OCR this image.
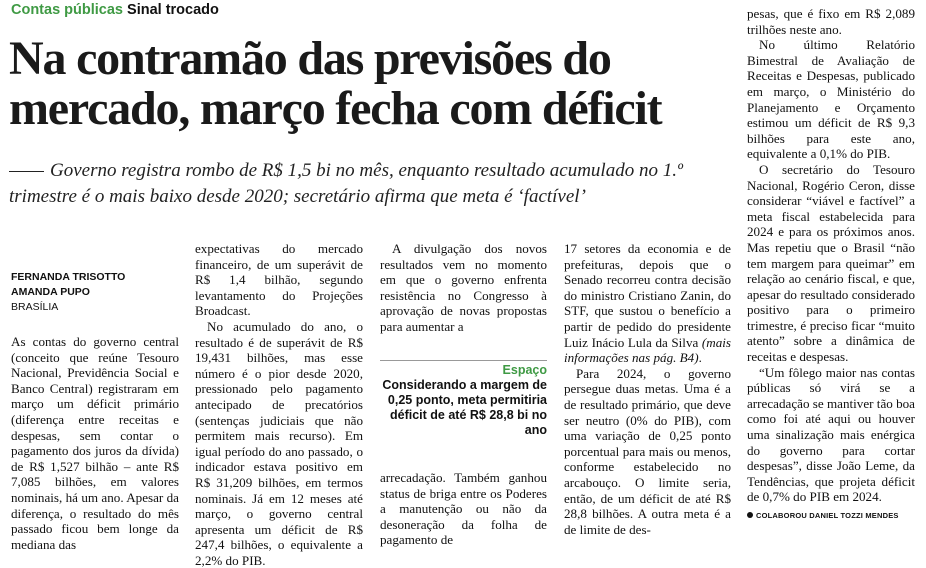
Contas públicas Sinal trocado
Na contramão das previsões do mercado, março fecha com déficit
Governo registra rombo de R$ 1,5 bi no mês, enquanto resultado acumulado no 1.º trimestre é o mais baixo desde 2020; secretário afirma que meta é ‘factível’
FERNANDA TRISOTTO
AMANDA PUPO
BRASÍLIA

As contas do governo central (conceito que reúne Tesouro Nacional, Previdência Social e Banco Central) registraram em março um déficit primário (diferença entre receitas e despesas, sem contar o pagamento dos juros da dívida) de R$ 1,527 bilhão – ante R$ 7,085 bilhões, em valores nominais, há um ano. Apesar da diferença, o resultado do mês passado ficou bem longe da mediana das

expectativas do mercado financeiro, de um superávit de R$ 1,4 bilhão, segundo levantamento do Projeções Broadcast.

No acumulado do ano, o resultado é de superávit de R$ 19,431 bilhões, mas esse número é o pior desde 2020, pressionado pelo pagamento antecipado de precatórios (sentenças judiciais que não permitem mais recurso). Em igual período do ano passado, o indicador estava positivo em R$ 31,209 bilhões, em termos nominais. Já em 12 meses até março, o governo central apresenta um déficit de R$ 247,4 bilhões, o equivalente a 2,2% do PIB.

A divulgação dos novos resultados vem no momento em que o governo enfrenta resistência no Congresso à aprovação de novas propostas para aumentar a

Espaço
Considerando a margem de 0,25 ponto, meta permitiria déficit de até R$ 28,8 bi no ano

arrecadação. Também ganhou status de briga entre os Poderes a manutenção ou não da desoneração da folha de pagamento de

17 setores da economia e de prefeituras, depois que o Senado recorreu contra decisão do ministro Cristiano Zanin, do STF, que sustou o benefício a partir de pedido do presidente Luiz Inácio Lula da Silva (mais informações nas pág. B4).

Para 2024, o governo persegue duas metas. Uma é a de resultado primário, que deve ser neutro (0% do PIB), com uma variação de 0,25 ponto porcentual para mais ou menos, conforme estabelecido no arcabouço. O limite seria, então, de um déficit de até R$ 28,8 bilhões. A outra meta é a de limite de des-

pesas, que é fixo em R$ 2,089 trilhões neste ano.

No último Relatório Bimestral de Avaliação de Receitas e Despesas, publicado em março, o Ministério do Planejamento e Orçamento estimou um déficit de R$ 9,3 bilhões para este ano, equivalente a 0,1% do PIB.

O secretário do Tesouro Nacional, Rogério Ceron, disse considerar “viável e factível” a meta fiscal estabelecida para 2024 e para os próximos anos. Mas repetiu que o Brasil “não tem margem para queimar” em relação ao cenário fiscal, e que, apesar do resultado considerado positivo para o primeiro trimestre, é preciso ficar “muito atento” sobre a dinâmica de receitas e despesas.

“Um fôlego maior nas contas públicas só virá se a arrecadação se mantiver tão boa como foi até aqui ou houver uma sinalização mais enérgica do governo para cortar despesas”, disse João Leme, da Tendências, que projeta déficit de 0,7% do PIB em 2024.

COLABOROU DANIEL TOZZI MENDES
